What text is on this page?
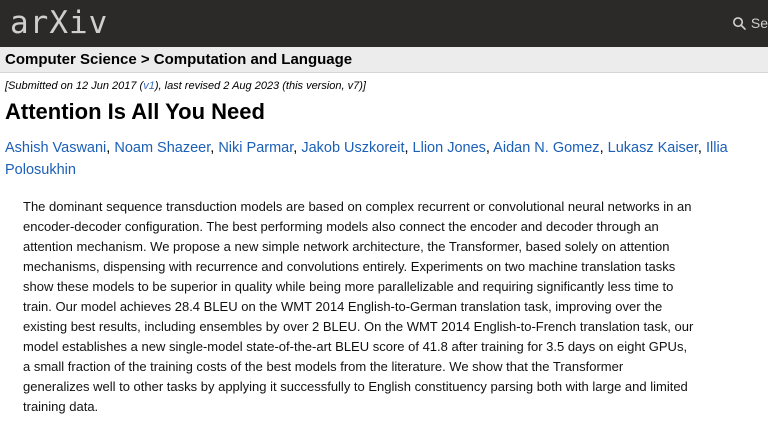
arXiv	Se
Computer Science > Computation and Language
[Submitted on 12 Jun 2017 (v1), last revised 2 Aug 2023 (this version, v7)]
Attention Is All You Need
Ashish Vaswani, Noam Shazeer, Niki Parmar, Jakob Uszkoreit, Llion Jones, Aidan N. Gomez, Lukasz Kaiser, Illia Polosukhin
The dominant sequence transduction models are based on complex recurrent or convolutional neural networks in an
encoder-decoder configuration. The best performing models also connect the encoder and decoder through an
attention mechanism. We propose a new simple network architecture, the Transformer, based solely on attention
mechanisms, dispensing with recurrence and convolutions entirely. Experiments on two machine translation tasks
show these models to be superior in quality while being more parallelizable and requiring significantly less time to
train. Our model achieves 28.4 BLEU on the WMT 2014 English-to-German translation task, improving over the
existing best results, including ensembles by over 2 BLEU. On the WMT 2014 English-to-French translation task, our
model establishes a new single-model state-of-the-art BLEU score of 41.8 after training for 3.5 days on eight GPUs,
a small fraction of the training costs of the best models from the literature. We show that the Transformer
generalizes well to other tasks by applying it successfully to English constituency parsing both with large and limited
training data.
